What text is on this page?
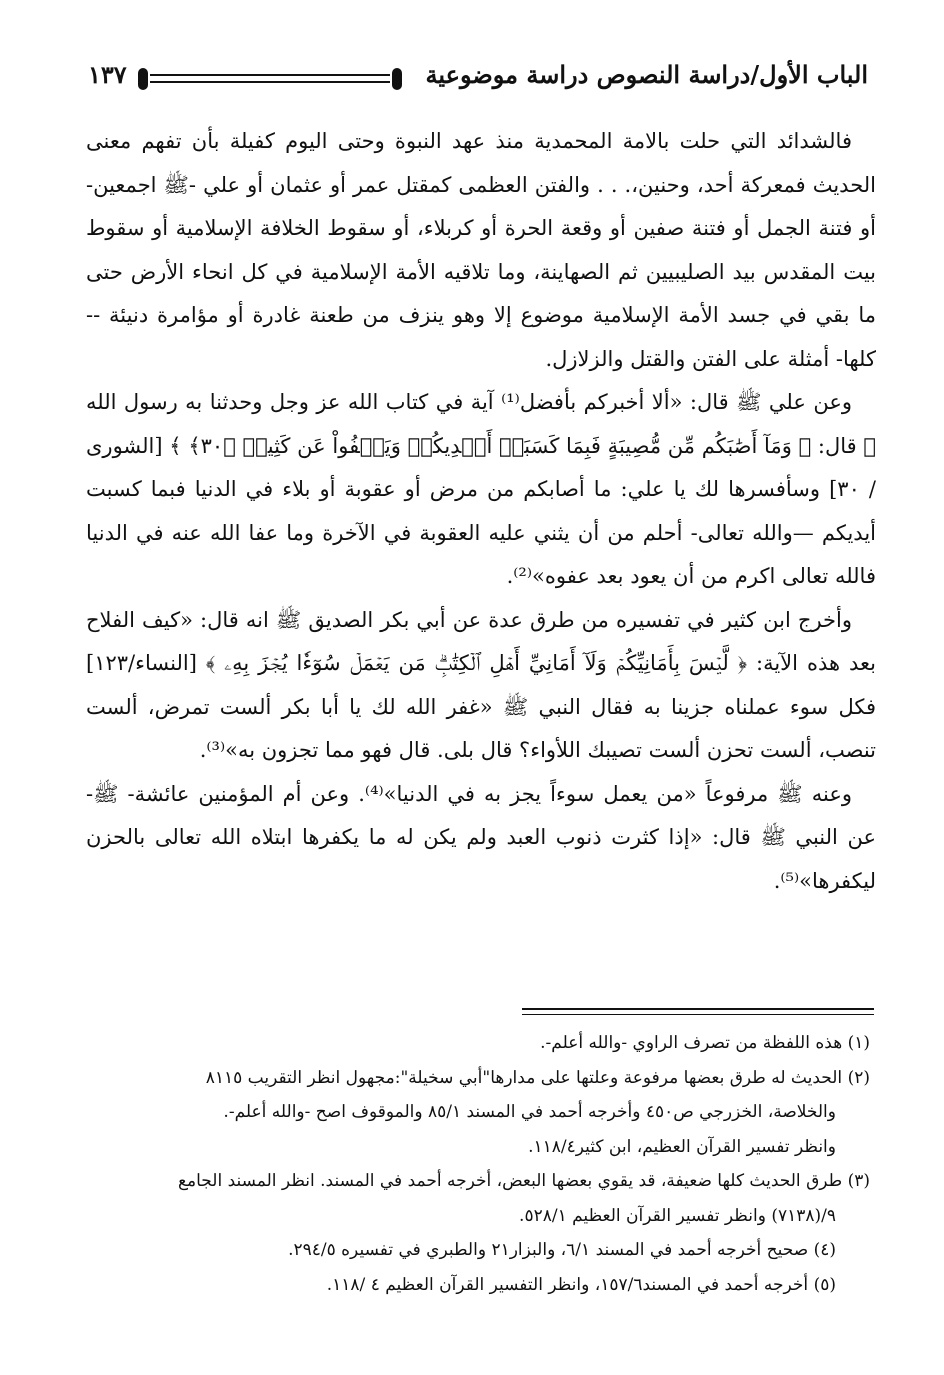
الباب الأول/دراسة النصوص دراسة موضوعية
١٣٧

فالشدائد التي حلت بالامة المحمدية منذ عهد النبوة وحتى اليوم كفيلة بأن تفهم معنى الحديث فمعركة أحد، وحنين،. . . والفتن العظمى كمقتل عمر أو عثمان أو علي -ﷺ اجمعين- أو فتنة الجمل أو فتنة صفين أو وقعة الحرة أو كربلاء، أو سقوط الخلافة الإسلامية أو سقوط بيت المقدس بيد الصليبيين ثم الصهاينة، وما تلاقيه الأمة الإسلامية في كل انحاء الأرض حتى ما بقي في جسد الأمة الإسلامية موضوع إلا وهو ينزف من طعنة غادرة أو مؤامرة دنيئة --كلها- أمثلة على الفتن والقتل والزلازل.

وعن علي ﷺ قال: «ألا أخبركم بأفضل⁽¹⁾ آية في كتاب الله عز وجل وحدثنا به رسول الله ﷺ قال: ﴿ وَمَآ أَصَٰبَكُم مِّن مُّصِيبَةٍ فَبِمَا كَسَبَتۡ أَيۡدِيكُمۡ وَيَعۡفُواْ عَن كَثِيرٖ ﴿٣٠﴾ ﴾ [الشورى / ٣٠] وسأفسرها لك يا علي: ما أصابكم من مرض أو عقوبة أو بلاء في الدنيا فبما كسبت أيديكم —والله تعالى- أحلم من أن يثني عليه العقوبة في الآخرة وما عفا الله عنه في الدنيا فالله تعالى اكرم من أن يعود بعد عفوه»⁽²⁾.

وأخرج ابن كثير في تفسيره من طرق عدة عن أبي بكر الصديق ﷺ انه قال: «كيف الفلاح بعد هذه الآية: ﴿ لَّيۡسَ بِأَمَانِيِّكُمۡ وَلَآ أَمَانِيِّ أَهۡلِ ٱلۡكِتَٰبِۗ مَن يَعۡمَلۡ سُوٓءٗا يُجۡزَ بِهِۦ ﴾ [النساء/١٢٣] فكل سوء عملناه جزينا به فقال النبي ﷺ «غفر الله لك يا أبا بكر ألست تمرض، ألست تنصب، ألست تحزن ألست تصيبك اللأواء؟ قال بلى. قال فهو مما تجزون به»⁽³⁾.

وعنه ﷺ مرفوعاً «من يعمل سوءاً يجز به في الدنيا»⁽⁴⁾. وعن أم المؤمنين عائشة- ﷺ- عن النبي ﷺ قال: «إذا كثرت ذنوب العبد ولم يكن له ما يكفرها ابتلاه الله تعالى بالحزن ليكفرها»⁽⁵⁾.

(١) هذه اللفظة من تصرف الراوي -والله أعلم-.

(٢) الحديث له طرق بعضها مرفوعة وعلتها على مدارها"أبي سخيلة":مجهول انظر التقريب ٨١١٥
والخلاصة، الخزرجي ص٤٥٠ وأخرجه أحمد في المسند ٨٥/١ والموقوف اصح -والله أعلم-.
وانظر تفسير القرآن العظيم، ابن كثير١١٨/٤.

(٣) طرق الحديث كلها ضعيفة، قد يقوي بعضها البعض، أخرجه أحمد في المسند. انظر المسند الجامع
٩/(٧١٣٨) وانظر تفسير القرآن العظيم ٥٢٨/١.

(٤) صحيح أخرجه أحمد في المسند ٦/١، والبزار٢١ والطبري في تفسيره ٢٩٤/٥.

(٥) أخرجه أحمد في المسند١٥٧/٦، وانظر التفسير القرآن العظيم ٤ /١١٨.
